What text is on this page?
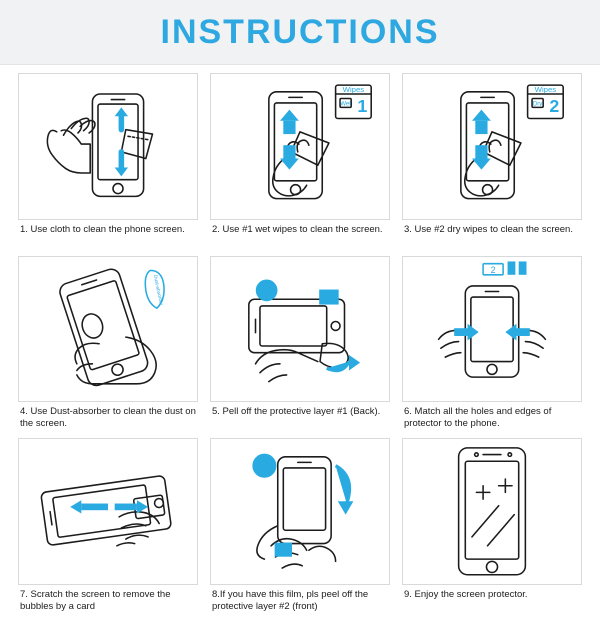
INSTRUCTIONS
1. Use cloth to clean the phone screen.
Wipes
Wet 1
2. Use #1 wet wipes to clean the screen.
Wipes
Dry 2
3. Use #2 dry wipes to clean the screen.
Dust-absorber
4. Use Dust-absorber to clean the dust on the screen.
1
2
5. Pell off the protective layer #1 (Back).
2
6. Match all the holes and edges of protector to the phone.
7. Scratch the screen to remove the bubbles by a card
2
2
8.If you have this film, pls peel off the protective layer #2 (front)
9. Enjoy the screen protector.
